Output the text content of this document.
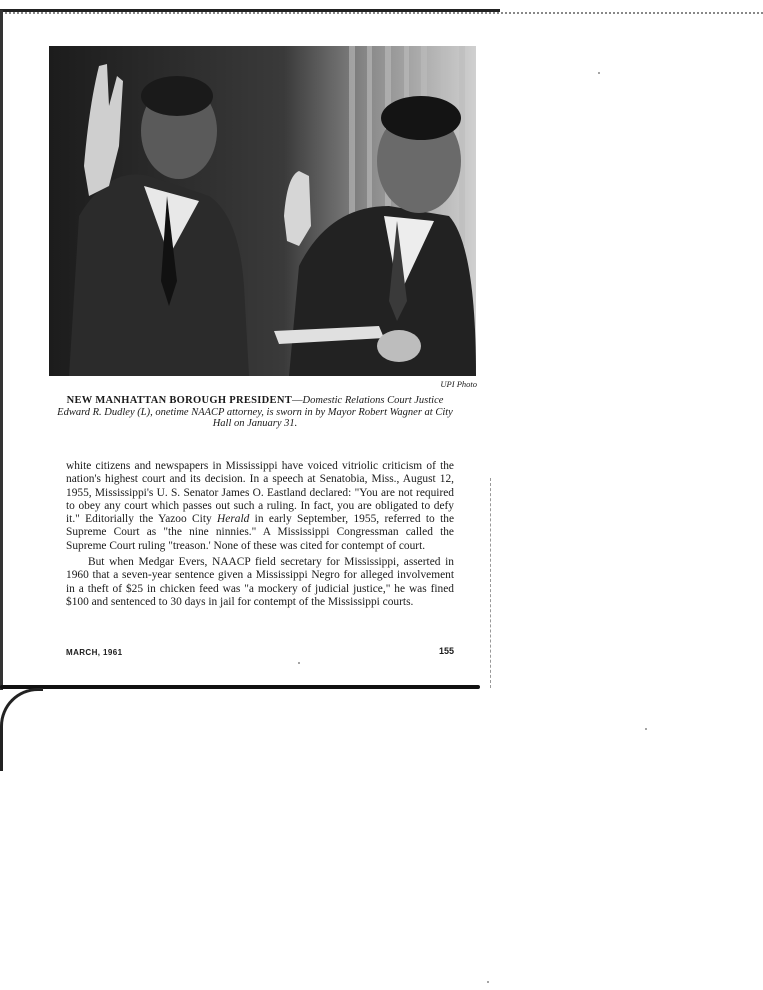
UPI Photo
NEW MANHATTAN BOROUGH PRESIDENT—Domestic Relations Court Justice Edward R. Dudley (L), onetime NAACP attorney, is sworn in by Mayor Robert Wagner at City Hall on January 31.

white citizens and newspapers in Mississippi have voiced vitriolic criticism of the nation's highest court and its decision. In a speech at Senatobia, Miss., August 12, 1955, Mississippi's U. S. Senator James O. Eastland declared: "You are not required to obey any court which passes out such a ruling. In fact, you are obligated to defy it." Editorially the Yazoo City Herald in early September, 1955, referred to the Supreme Court as "the nine ninnies." A Mississippi Congressman called the Supreme Court ruling "treason.' None of these was cited for contempt of court.

But when Medgar Evers, NAACP field secretary for Mississippi, asserted in 1960 that a seven-year sentence given a Mississippi Negro for alleged involvement in a theft of $25 in chicken feed was "a mockery of judicial justice," he was fined $100 and sentenced to 30 days in jail for contempt of the Mississippi courts.

MARCH, 1961	155
